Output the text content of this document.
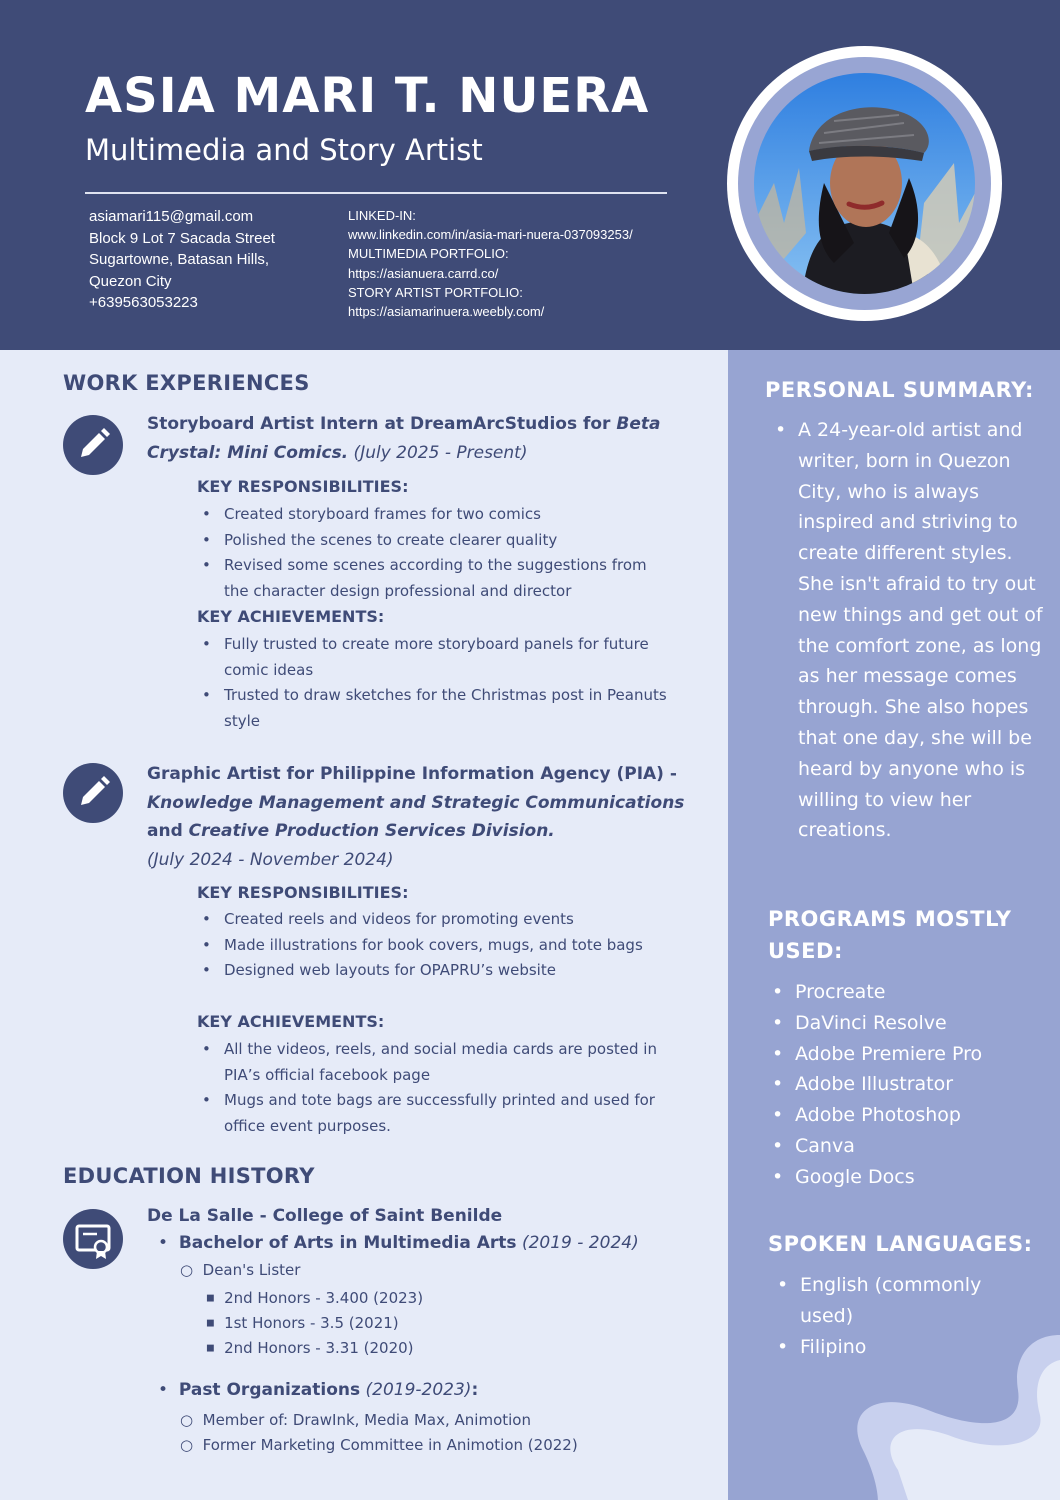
ASIA MARI T. NUERA
Multimedia and Story Artist
asiamari115@gmail.com
Block 9 Lot 7 Sacada Street
Sugartowne, Batasan Hills,
Quezon City
+639563053223
LINKED-IN:
www.linkedin.com/in/asia-mari-nuera-037093253/
MULTIMEDIA PORTFOLIO:
https://asianuera.carrd.co/
STORY ARTIST PORTFOLIO:
https://asiamarinuera.weebly.com/
WORK EXPERIENCES
Storyboard Artist Intern at DreamArcStudios for Beta Crystal: Mini Comics. (July 2025 - Present)
KEY RESPONSIBILITIES:
• Created storyboard frames for two comics
• Polished the scenes to create clearer quality
• Revised some scenes according to the suggestions from the character design professional and director
KEY ACHIEVEMENTS:
• Fully trusted to create more storyboard panels for future comic ideas
• Trusted to draw sketches for the Christmas post in Peanuts style
Graphic Artist for Philippine Information Agency (PIA) - Knowledge Management and Strategic Communications and Creative Production Services Division.
(July 2024 - November 2024)
KEY RESPONSIBILITIES:
• Created reels and videos for promoting events
• Made illustrations for book covers, mugs, and tote bags
• Designed web layouts for OPAPRU’s website
KEY ACHIEVEMENTS:
• All the videos, reels, and social media cards are posted in PIA’s official facebook page
• Mugs and tote bags are successfully printed and used for office event purposes.
EDUCATION HISTORY
De La Salle - College of Saint Benilde
• Bachelor of Arts in Multimedia Arts (2019 - 2024)
○ Dean's Lister
■ 2nd Honors - 3.400 (2023)
■ 1st Honors - 3.5 (2021)
■ 2nd Honors - 3.31 (2020)
• Past Organizations (2019-2023):
○  Member of: DrawInk, Media Max, Animotion
○  Former Marketing Committee in Animotion (2022)
PERSONAL SUMMARY:
• A 24-year-old artist and writer, born in Quezon City, who is always inspired and striving to create different styles. She isn't afraid to try out new things and get out of the comfort zone, as long as her message comes through. She also hopes that one day, she will be heard by anyone who is willing to view her creations.
PROGRAMS MOSTLY USED:
• Procreate
• DaVinci Resolve
• Adobe Premiere Pro
• Adobe Illustrator
• Adobe Photoshop
• Canva
• Google Docs
SPOKEN LANGUAGES:
• English (commonly used)
• Filipino
